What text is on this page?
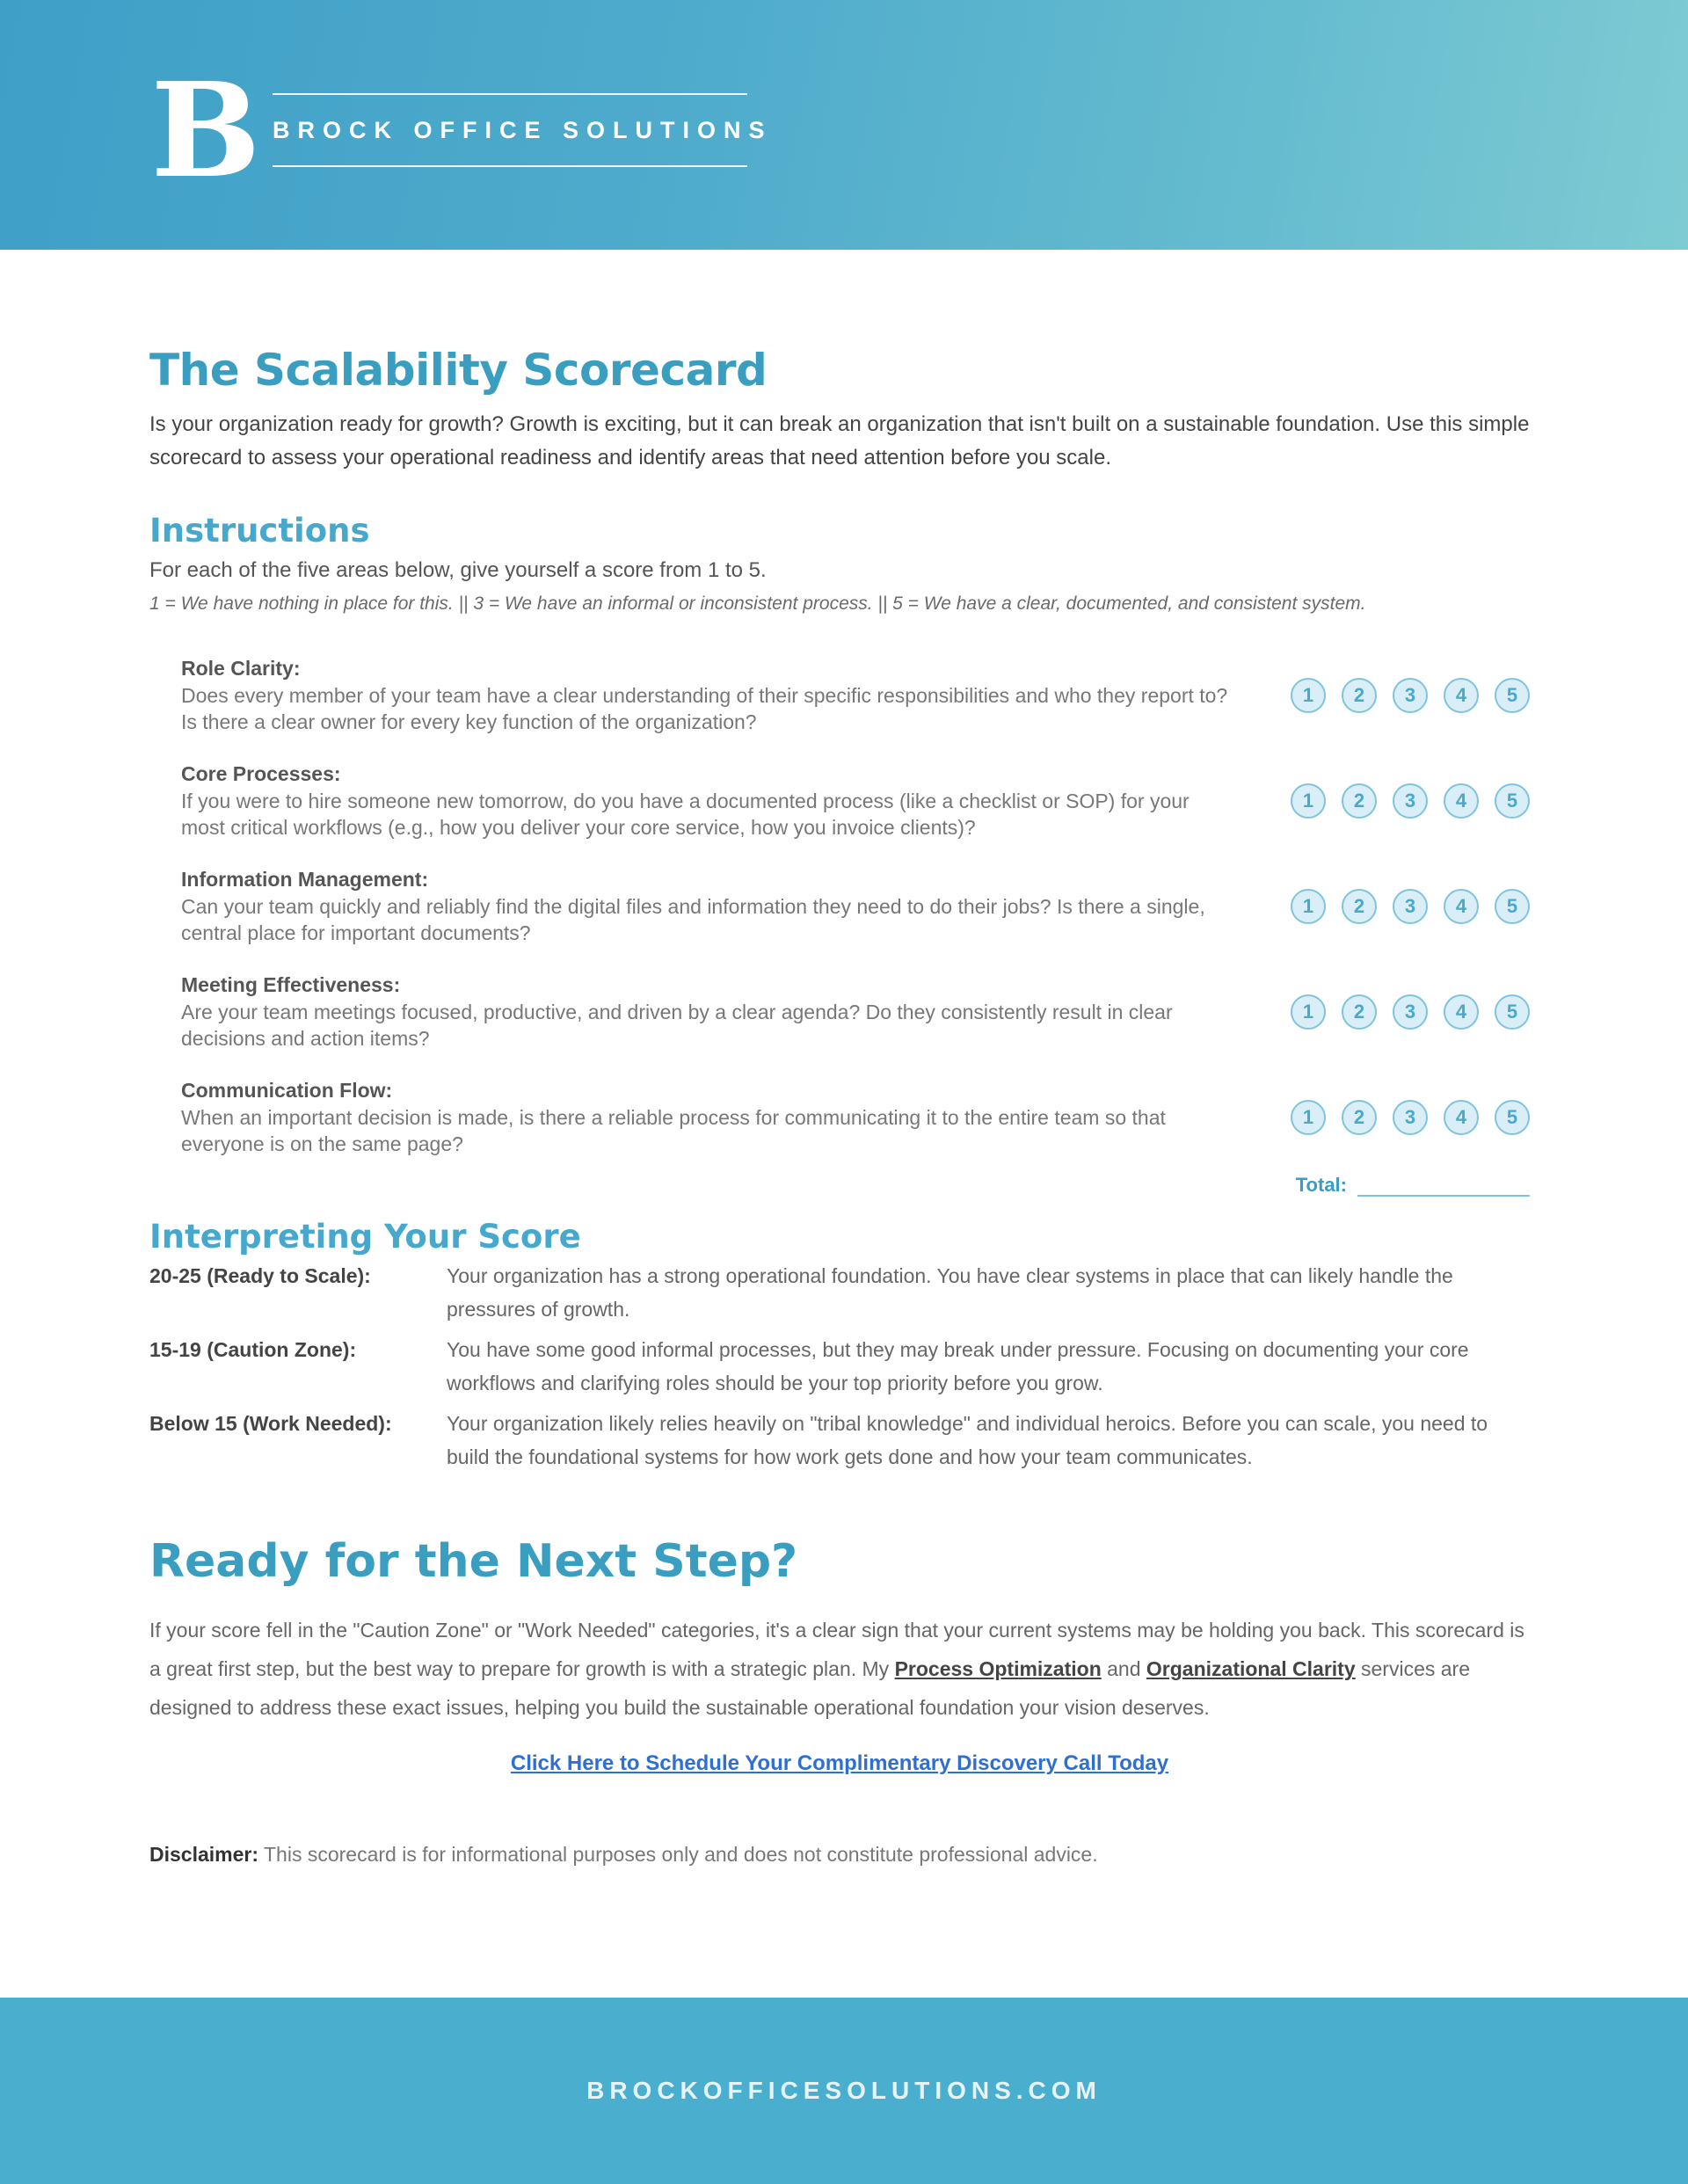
B BROCK OFFICE SOLUTIONS
The Scalability Scorecard

Is your organization ready for growth? Growth is exciting, but it can break an organization that isn't built on a sustainable foundation. Use this simple scorecard to assess your operational readiness and identify areas that need attention before you scale.

Instructions

For each of the five areas below, give yourself a score from 1 to 5.

1 = We have nothing in place for this. || 3 = We have an informal or inconsistent process. || 5 = We have a clear, documented, and consistent system.

Role Clarity:
Does every member of your team have a clear understanding of their specific responsibilities and who they report to? Is there a clear owner for every key function of the organization?
1	2	3	4	5
Core Processes:
If you were to hire someone new tomorrow, do you have a documented process (like a checklist or SOP) for your most critical workflows (e.g., how you deliver your core service, how you invoice clients)?
1	2	3	4	5
Information Management:
Can your team quickly and reliably find the digital files and information they need to do their jobs? Is there a single, central place for important documents?
1	2	3	4	5
Meeting Effectiveness:
Are your team meetings focused, productive, and driven by a clear agenda? Do they consistently result in clear decisions and action items?
1	2	3	4	5
Communication Flow:
When an important decision is made, is there a reliable process for communicating it to the entire team so that everyone is on the same page?
1	2	3	4	5
Total:
Interpreting Your Score
20-25 (Ready to Scale):	Your organization has a strong operational foundation. You have clear systems in place that can likely handle the pressures of growth.
15-19 (Caution Zone):	You have some good informal processes, but they may break under pressure. Focusing on documenting your core workflows and clarifying roles should be your top priority before you grow.
Below 15 (Work Needed):	Your organization likely relies heavily on "tribal knowledge" and individual heroics. Before you can scale, you need to build the foundational systems for how work gets done and how your team communicates.
Ready for the Next Step?

If your score fell in the "Caution Zone" or "Work Needed" categories, it's a clear sign that your current systems may be holding you back. This scorecard is a great first step, but the best way to prepare for growth is with a strategic plan. My Process Optimization and Organizational Clarity services are designed to address these exact issues, helping you build the sustainable operational foundation your vision deserves.

Click Here to Schedule Your Complimentary Discovery Call Today

Disclaimer: This scorecard is for informational purposes only and does not constitute professional advice.

BROCKOFFICESOLUTIONS.COM
